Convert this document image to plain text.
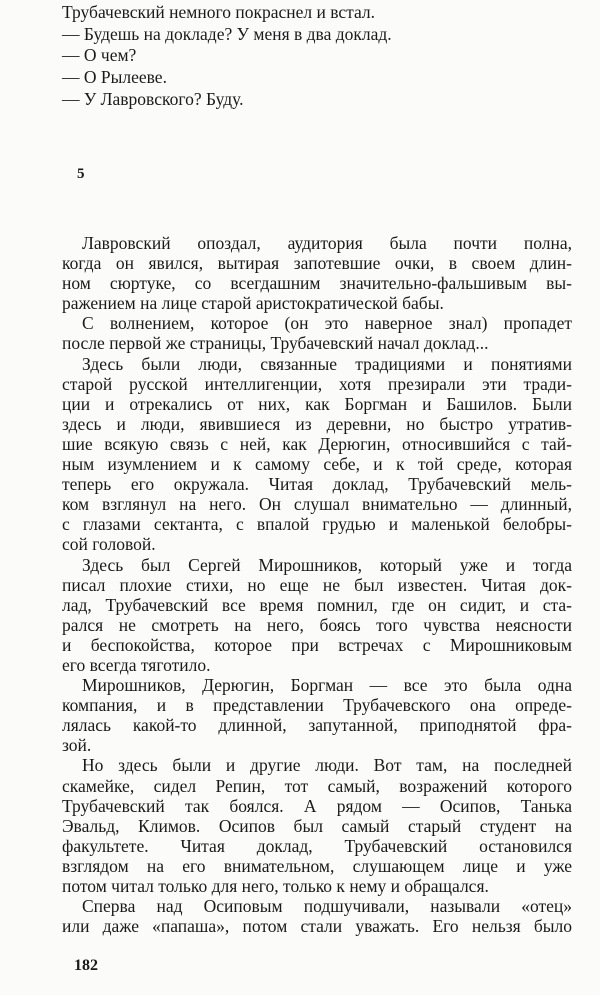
Трубачевский немного покраснел и встал.
— Будешь на докладе? У меня в два доклад.
— О чем?
— О Рылееве.
— У Лавровского? Буду.
5
Лавровский опоздал, аудитория была почти полна,
когда он явился, вытирая запотевшие очки, в своем длин-
ном сюртуке, со всегдашним значительно-фальшивым вы-
ражением на лице старой аристократической бабы.
С волнением, которое (он это наверное знал) пропадет
после первой же страницы, Трубачевский начал доклад...
Здесь были люди, связанные традициями и понятиями
старой русской интеллигенции, хотя презирали эти тради-
ции и отрекались от них, как Боргман и Башилов. Были
здесь и люди, явившиеся из деревни, но быстро утратив-
шие всякую связь с ней, как Дерюгин, относившийся с тай-
ным изумлением и к самому себе, и к той среде, которая
теперь его окружала. Читая доклад, Трубачевский мель-
ком взглянул на него. Он слушал внимательно — длинный,
с глазами сектанта, с впалой грудью и маленькой белобры-
сой головой.
Здесь был Сергей Мирошников, который уже и тогда
писал плохие стихи, но еще не был известен. Читая док-
лад, Трубачевский все время помнил, где он сидит, и ста-
рался не смотреть на него, боясь того чувства неясности
и беспокойства, которое при встречах с Мирошниковым
его всегда тяготило.
Мирошников, Дерюгин, Боргман — все это была одна
компания, и в представлении Трубачевского она опреде-
лялась какой-то длинной, запутанной, приподнятой фра-
зой.
Но здесь были и другие люди. Вот там, на последней
скамейке, сидел Репин, тот самый, возражений которого
Трубачевский так боялся. А рядом — Осипов, Танька
Эвальд, Климов. Осипов был самый старый студент на
факультете. Читая доклад, Трубачевский остановился
взглядом на его внимательном, слушающем лице и уже
потом читал только для него, только к нему и обращался.
Сперва над Осиповым подшучивали, называли «отец»
или даже «папаша», потом стали уважать. Его нельзя было
182
